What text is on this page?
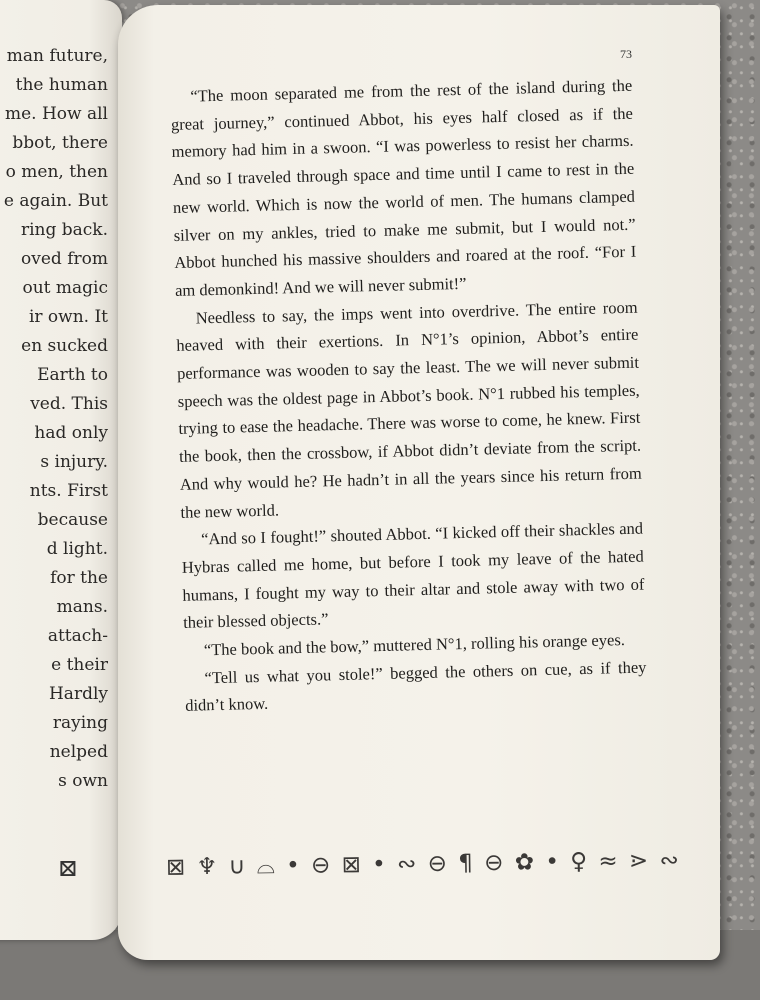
man future,
the human
me. How all
bbot, there
o men, then
e again. But
ring back.
oved from
out magic
ir own. It
en sucked
Earth to
ved. This
had only
s injury.
nts. First
because
d light.
for the
mans.
attach-
e their
Hardly
raying
nelped
s own
⊠
73

“The moon separated me from the rest of the island during the great journey,” continued Abbot, his eyes half closed as if the memory had him in a swoon. “I was powerless to resist her charms. And so I traveled through space and time until I came to rest in the new world. Which is now the world of men. The humans clamped silver on my ankles, tried to make me submit, but I would not.” Abbot hunched his massive shoulders and roared at the roof. “For I am demonkind! And we will never submit!”

Needless to say, the imps went into overdrive. The entire room heaved with their exertions. In N°1’s opinion, Abbot’s entire performance was wooden to say the least. The we will never submit speech was the oldest page in Abbot’s book. N°1 rubbed his temples, trying to ease the headache. There was worse to come, he knew. First the book, then the crossbow, if Abbot didn’t deviate from the script. And why would he? He hadn’t in all the years since his return from the new world.

“And so I fought!” shouted Abbot. “I kicked off their shackles and Hybras called me home, but before I took my leave of the hated humans, I fought my way to their altar and stole away with two of their blessed objects.”

“The book and the bow,” muttered N°1, rolling his orange eyes.

“Tell us what you stole!” begged the others on cue, as if they didn’t know.

⊠ ♆ ∪ ⌓ • ⊖ ⊠ • ∾ ⊖ ¶ ⊖ ✿ • ♀ ≈ ⋗ ∾
